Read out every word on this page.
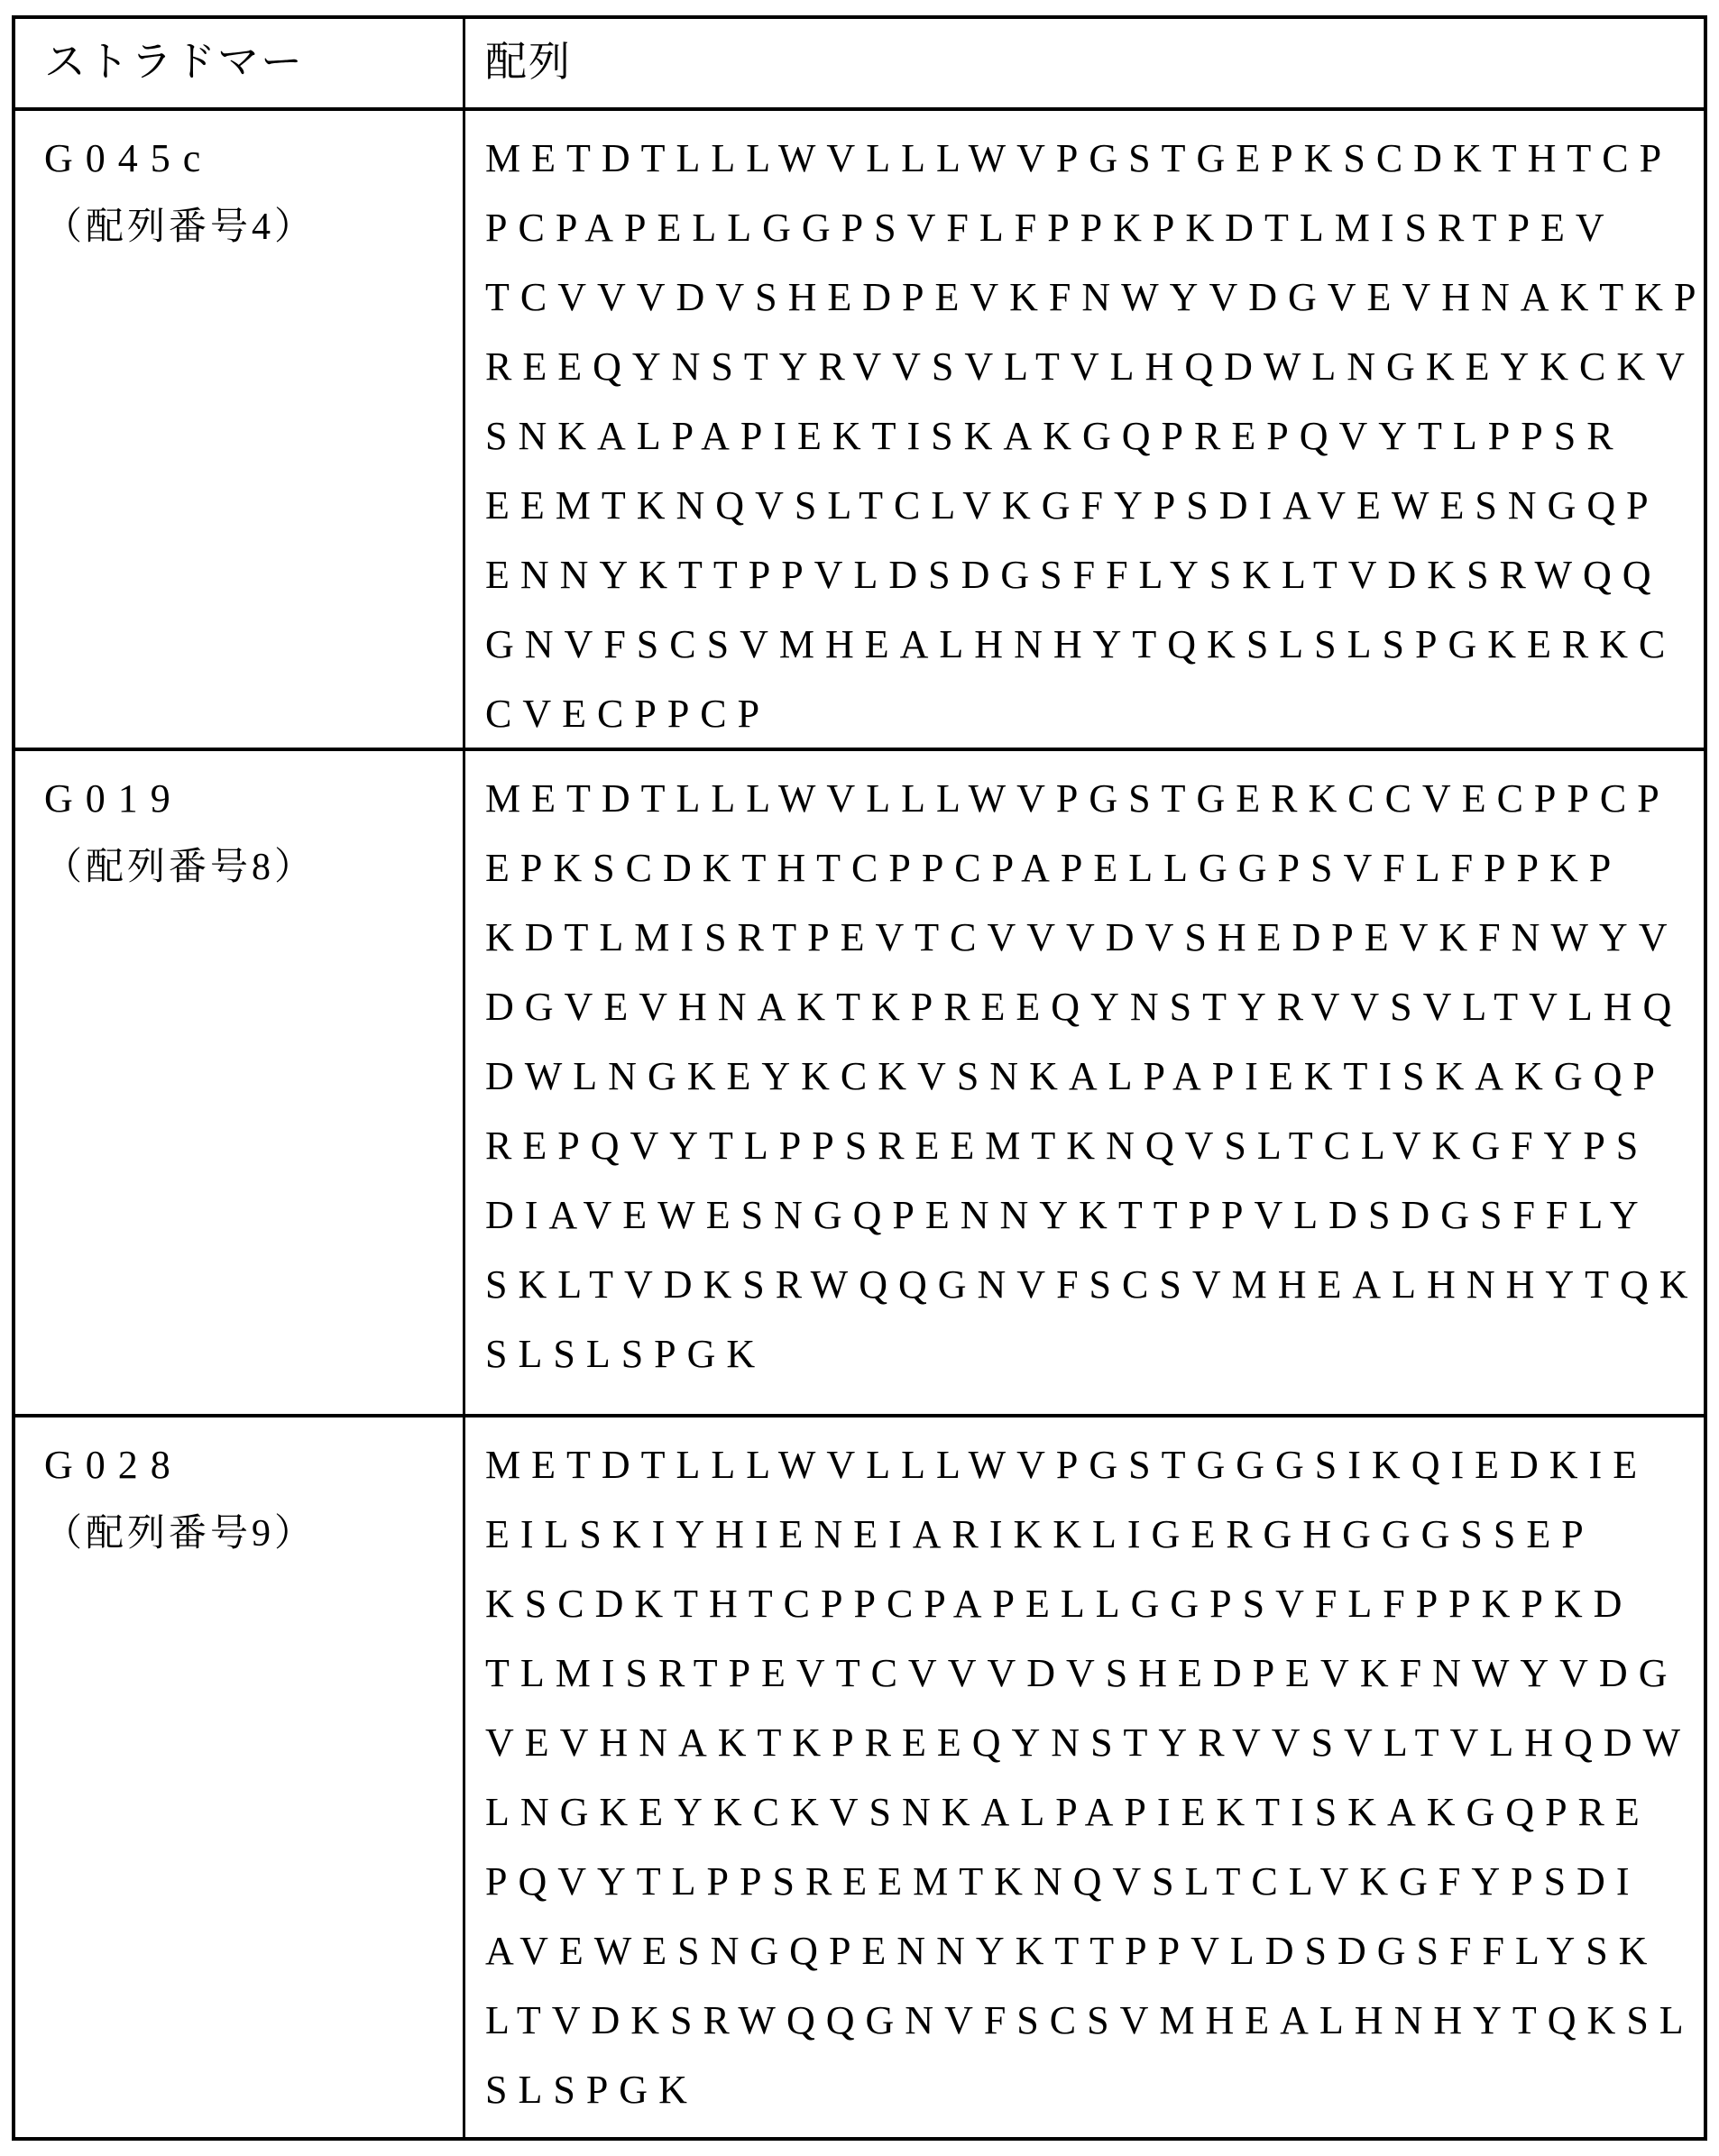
ストラドマー	配列
G045c
（配列番号4）
METDTLLLWVLLLWVPGSTGEPKSCDKTHTCP
PCPAPELLGGPSVFLFPPKPKDTLMISRTPEV
TCVVVDVSHEDPEVKFNWYVDGVEVHNAKTKP
REEQYNSTYRVVSVLTVLHQDWLNGKEYKCKV
SNKALPAPIEKTISKAKGQPREPQVYTLPPSR
EEMTKNQVSLTCLVKGFYPSDIAVEWESNGQP
ENNYKTTPPVLDSDGSFFLYSKLTVDKSRWQQ
GNVFSCSVMHEALHNHYTQKSLSLSPGKERKC
CVECPPCP
G019
（配列番号8）
METDTLLLWVLLLWVPGSTGERKCCVECPPCP
EPKSCDKTHTCPPCPAPELLGGPSVFLFPPKP
KDTLMISRTPEVTCVVVDVSHEDPEVKFNWYV
DGVEVHNAKTKPREEQYNSTYRVVSVLTVLHQ
DWLNGKEYKCKVSNKALPAPIEKTISKAKGQP
REPQVYTLPPSREEMTKNQVSLTCLVKGFYPS
DIAVEWESNGQPENNYKTTPPVLDSDGSFFLY
SKLTVDKSRWQQGNVFSCSVMHEALHNHYTQK
SLSLSPGK
G028
（配列番号9）
METDTLLLWVLLLWVPGSTGGGSIKQIEDKIE
EILSKIYHIENEIARIKKLIGERGHGGGSSEP
KSCDKTHTCPPCPAPELLGGPSVFLFPPKPKD
TLMISRTPEVTCVVVDVSHEDPEVKFNWYVDG
VEVHNAKTKPREEQYNSTYRVVSVLTVLHQDW
LNGKEYKCKVSNKALPAPIEKTISKAKGQPRE
PQVYTLPPSREEMTKNQVSLTCLVKGFYPSDI
AVEWESNGQPENNYKTTPPVLDSDGSFFLYSK
LTVDKSRWQQGNVFSCSVMHEALHNHYTQKSL
SLSPGK
